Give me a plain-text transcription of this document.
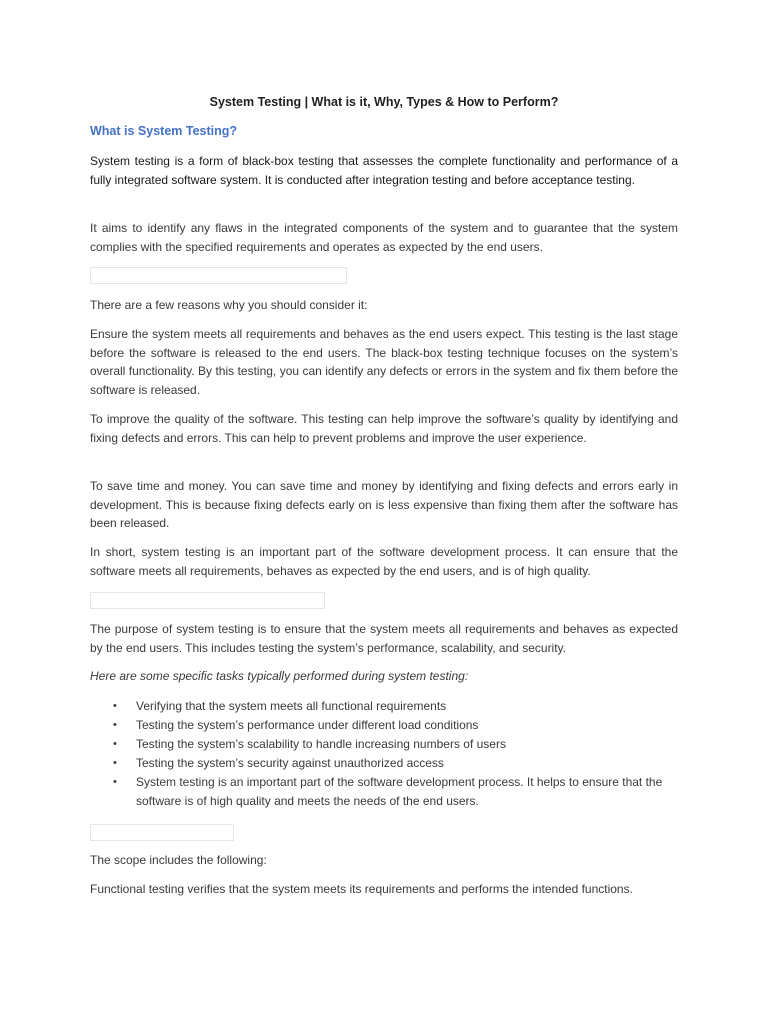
System Testing | What is it, Why, Types & How to Perform?
What is System Testing?

System testing is a form of black-box testing that assesses the complete functionality and performance of a fully integrated software system. It is conducted after integration testing and before acceptance testing.

It aims to identify any flaws in the integrated components of the system and to guarantee that the system complies with the specified requirements and operates as expected by the end users.

There are a few reasons why you should consider it:

Ensure the system meets all requirements and behaves as the end users expect. This testing is the last stage before the software is released to the end users. The black-box testing technique focuses on the system’s overall functionality. By this testing, you can identify any defects or errors in the system and fix them before the software is released.

To improve the quality of the software. This testing can help improve the software’s quality by identifying and fixing defects and errors. This can help to prevent problems and improve the user experience.

To save time and money. You can save time and money by identifying and fixing defects and errors early in development. This is because fixing defects early on is less expensive than fixing them after the software has been released.

In short, system testing is an important part of the software development process. It can ensure that the software meets all requirements, behaves as expected by the end users, and is of high quality.

The purpose of system testing is to ensure that the system meets all requirements and behaves as expected by the end users. This includes testing the system’s performance, scalability, and security.

Here are some specific tasks typically performed during system testing:

• Verifying that the system meets all functional requirements
• Testing the system’s performance under different load conditions
• Testing the system’s scalability to handle increasing numbers of users
• Testing the system’s security against unauthorized access
• System testing is an important part of the software development process. It helps to ensure that the software is of high quality and meets the needs of the end users.

The scope includes the following:

Functional testing verifies that the system meets its requirements and performs the intended functions.
